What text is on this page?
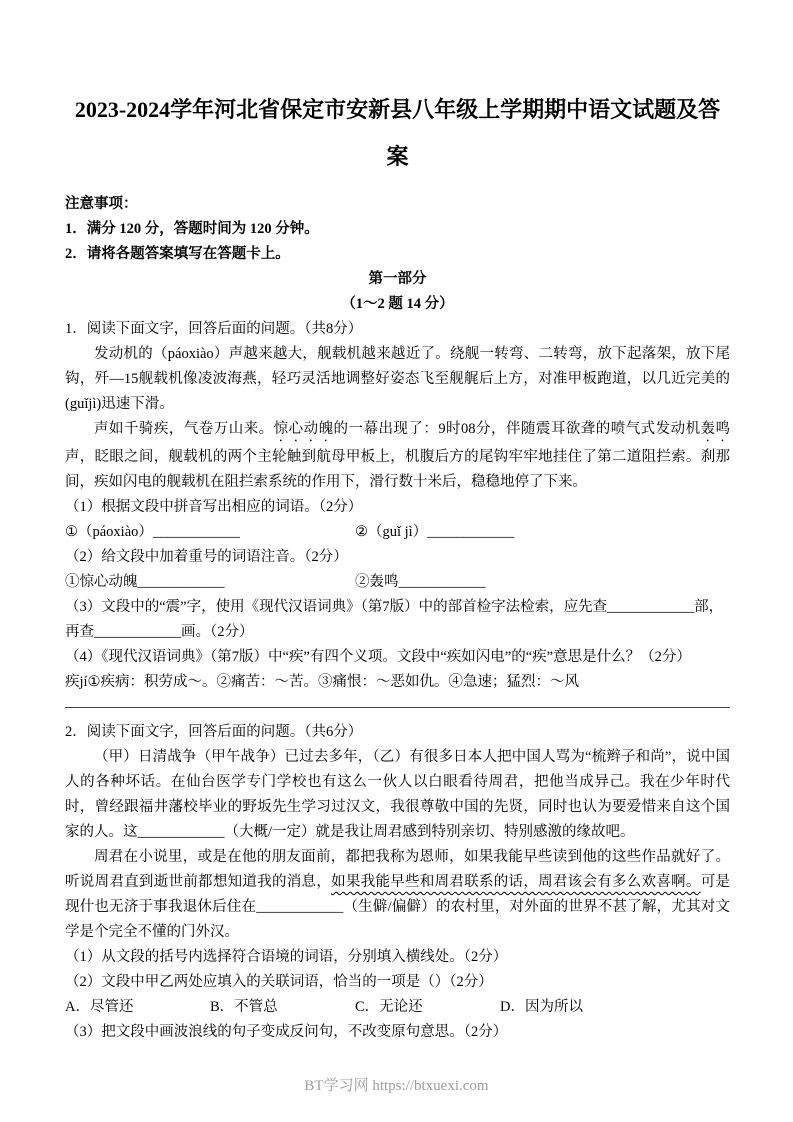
2023-2024学年河北省保定市安新县八年级上学期期中语文试题及答案
注意事项：
1．满分 120 分，答题时间为 120 分钟。
2．请将各题答案填写在答题卡上。
第一部分
（1～2 题 14 分）
1．阅读下面文字，回答后面的问题。（共8分）
发动机的（páoxiào）声越来越大，舰载机越来越近了。绕舰一转弯、二转弯，放下起落架，放下尾钩，歼—15舰载机像凌波海燕，轻巧灵活地调整好姿态飞至舰艉后上方，对准甲板跑道，以几近完美的(guǐjì)迅速下滑。
声如千骑疾，气卷万山来。惊心动魄的一幕出现了：9时08分，伴随震耳欲聋的喷气式发动机轰鸣声，眨眼之间，舰载机的两个主轮触到航母甲板上，机腹后方的尾钩牢牢地挂住了第二道阻拦索。刹那间，疾如闪电的舰载机在阻拦索系统的作用下，滑行数十米后，稳稳地停了下来。
（1）根据文段中拼音写出相应的词语。（2分）
①（páoxiào）____________	②（guǐ jì）____________
（2）给文段中加着重号的词语注音。（2分）
①惊心动魄____________	②轰鸣____________
（3）文段中的“震”字，使用《现代汉语词典》（第7版）中的部首检字法检索，应先查____________部，再查____________画。（2分）
（4）《现代汉语词典》（第7版）中“疾”有四个义项。文段中“疾如闪电”的“疾”意思是什么？（2分）
疾jí①疾病：积劳成～。②痛苦：～苦。③痛恨：～恶如仇。④急速；猛烈：～风
2．阅读下面文字，回答后面的问题。（共6分）
（甲）日清战争（甲午战争）已过去多年，（乙）有很多日本人把中国人骂为“梳辫子和尚”，说中国人的各种坏话。在仙台医学专门学校也有这么一伙人以白眼看待周君，把他当成异己。我在少年时代时，曾经跟福井藩校毕业的野坂先生学习过汉文，我很尊敬中国的先贤，同时也认为要爱惜来自这个国家的人。这____________（大概/一定）就是我让周君感到特别亲切、特别感激的缘故吧。
周君在小说里，或是在他的朋友面前，都把我称为恩师，如果我能早些读到他的这些作品就好了。听说周君直到逝世前都想知道我的消息，如果我能早些和周君联系的话，周君该会有多么欢喜啊。可是现什也无济于事我退休后住在____________（生僻/偏僻）的农村里，对外面的世界不甚了解，尤其对文学是个完全不懂的门外汉。
（1）从文段的括号内选择符合语境的词语，分别填入横线处。（2分）
（2）文段中甲乙两处应填入的关联词语，恰当的一项是（）（2分）
A．尽管还	B．不管总	C．无论还	D．因为所以
（3）把文段中画波浪线的句子变成反问句，不改变原句意思。（2分）
BT学习网 https://btxuexi.com
